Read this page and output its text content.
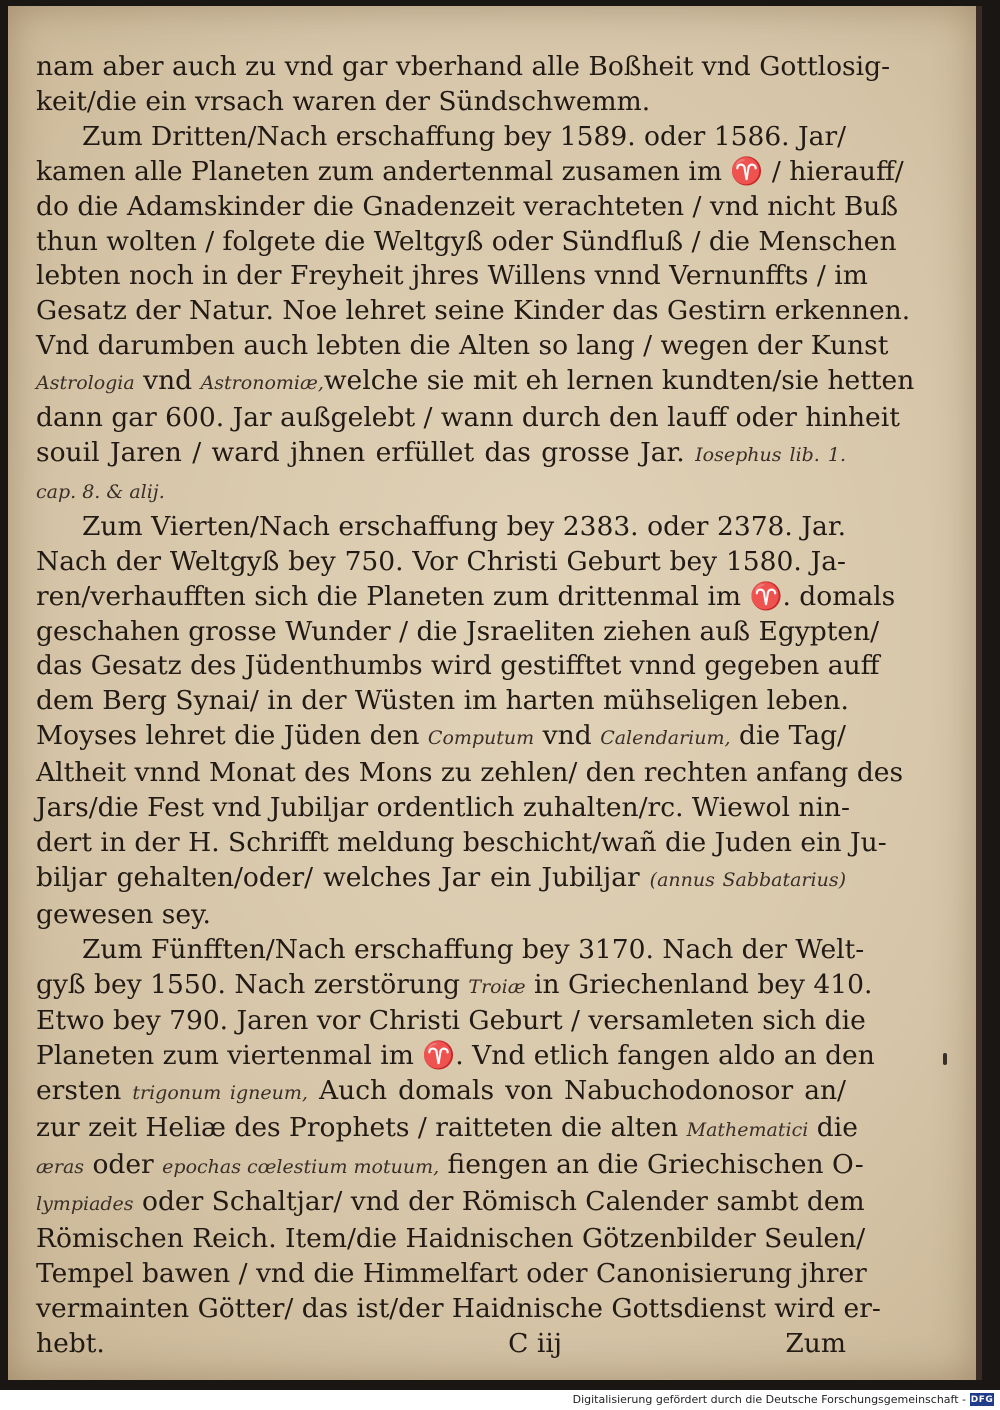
nam aber auch zu vnd gar vberhand alle Boßheit vnd Gottlosig-
keit/die ein vrsach waren der Sündschwemm.
Zum Dritten/Nach erschaffung bey 1589. oder 1586. Jar/
kamen alle Planeten zum andertenmal zusamen im ♈ / hierauff/
do die Adamskinder die Gnadenzeit verachteten / vnd nicht Buß
thun wolten / folgete die Weltgyß oder Sündfluß / die Menschen
lebten noch in der Freyheit jhres Willens vnnd Vernunffts / im
Gesatz der Natur. Noe lehret seine Kinder das Gestirn erkennen.
Vnd darumben auch lebten die Alten so lang / wegen der Kunst
Astrologia vnd Astronomiæ,welche sie mit eh lernen kundten/sie hetten
dann gar 600. Jar außgelebt / wann durch den lauff oder hinheit
souil Jaren / ward jhnen erfüllet das grosse Jar. Iosephus lib. 1.
cap. 8. & alij.
Zum Vierten/Nach erschaffung bey 2383. oder 2378. Jar.
Nach der Weltgyß bey 750. Vor Christi Geburt bey 1580. Ja-
ren/verhaufften sich die Planeten zum drittenmal im ♈. domals
geschahen grosse Wunder / die Jsraeliten ziehen auß Egypten/
das Gesatz des Jüdenthumbs wird gestifftet vnnd gegeben auff
dem Berg Synai/ in der Wüsten im harten mühseligen leben.
Moyses lehret die Jüden den Computum vnd Calendarium, die Tag/
Altheit vnnd Monat des Mons zu zehlen/ den rechten anfang des
Jars/die Fest vnd Jubiljar ordentlich zuhalten/rc. Wiewol nin-
dert in der H. Schrifft meldung beschicht/wañ die Juden ein Ju-
biljar gehalten/oder/ welches Jar ein Jubiljar (annus Sabbatarius)
gewesen sey.
Zum Fünfften/Nach erschaffung bey 3170. Nach der Welt-
gyß bey 1550. Nach zerstörung Troiæ in Griechenland bey 410.
Etwo bey 790. Jaren vor Christi Geburt / versamleten sich die
Planeten zum viertenmal im ♈. Vnd etlich fangen aldo an den
ersten trigonum igneum, Auch domals von Nabuchodonosor an/
zur zeit Heliæ des Prophets / raitteten die alten Mathematici die
æras oder epochas cœlestium motuum, fiengen an die Griechischen O-
lympiades oder Schaltjar/ vnd der Römisch Calender sambt dem
Römischen Reich. Item/die Haidnischen Götzenbilder Seulen/
Tempel bawen / vnd die Himmelfart oder Canonisierung jhrer
vermainten Götter/ das ist/der Haidnische Gottsdienst wird er-
hebt.	C iij	Zum
Digitalisierung gefördert durch die Deutsche Forschungsgemeinschaft - DFG
